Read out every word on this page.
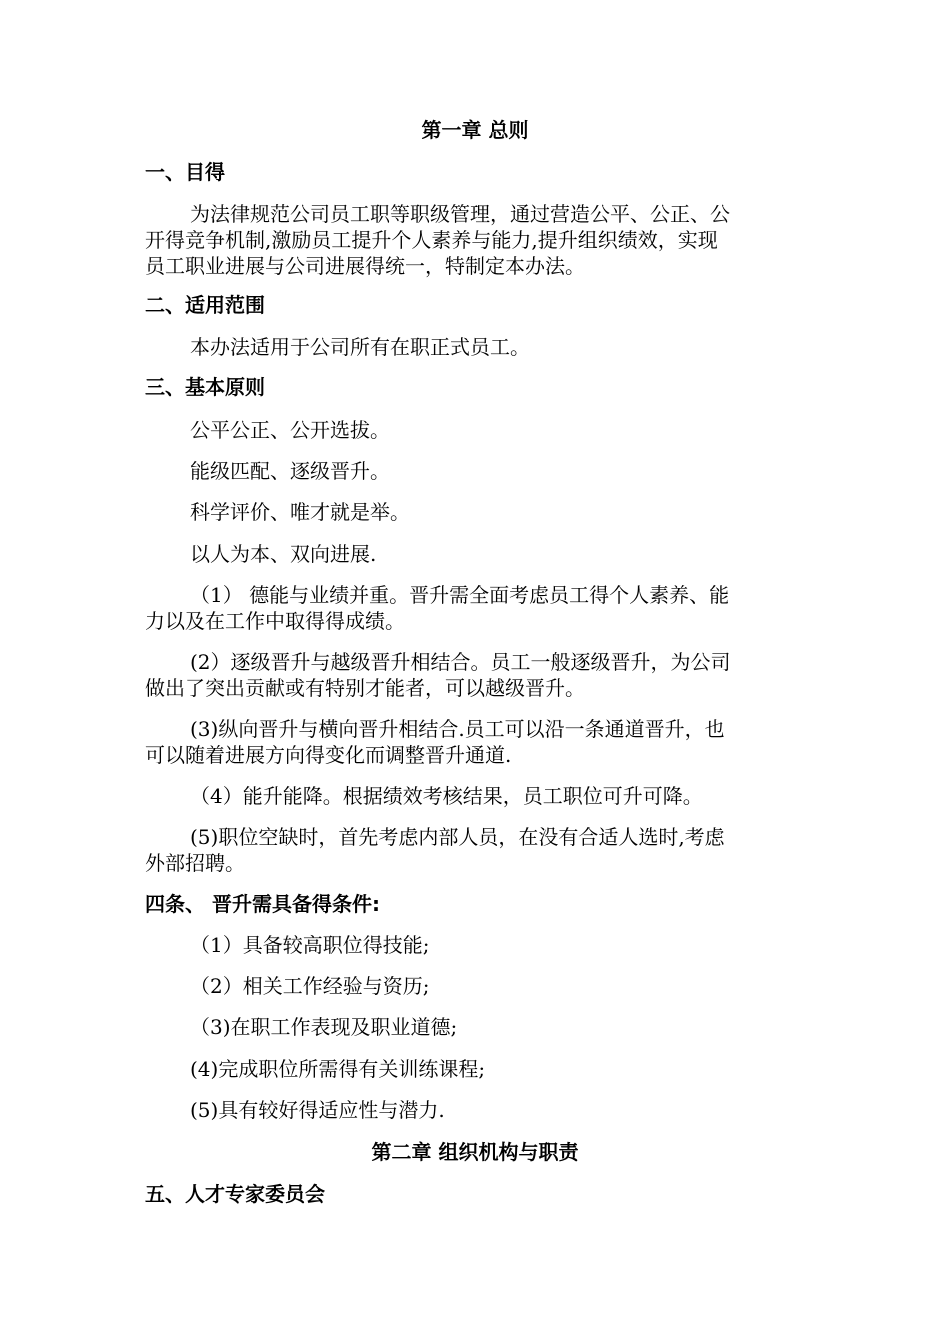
第一章 总则
一、目得
为法律规范公司员工职等职级管理，通过营造公平、公正、公
开得竞争机制,激励员工提升个人素养与能力,提升组织绩效，实现
员工职业进展与公司进展得统一，特制定本办法。
二、适用范围
本办法适用于公司所有在职正式员工。
三、基本原则
公平公正、公开选拔。
能级匹配、逐级晋升。
科学评价、唯才就是举。
以人为本、双向进展.
（1） 德能与业绩并重。晋升需全面考虑员工得个人素养、能
力以及在工作中取得得成绩。
(2）逐级晋升与越级晋升相结合。员工一般逐级晋升，为公司
做出了突出贡献或有特别才能者，可以越级晋升。
(3)纵向晋升与横向晋升相结合.员工可以沿一条通道晋升，也
可以随着进展方向得变化而调整晋升通道.
（4）能升能降。根据绩效考核结果，员工职位可升可降。
(5)职位空缺时，首先考虑内部人员，在没有合适人选时,考虑
外部招聘。
四条、 晋升需具备得条件:
（1）具备较高职位得技能;
（2）相关工作经验与资历;
（3)在职工作表现及职业道德;
(4)完成职位所需得有关训练课程;
(5)具有较好得适应性与潜力.
第二章 组织机构与职责
五、人才专家委员会
